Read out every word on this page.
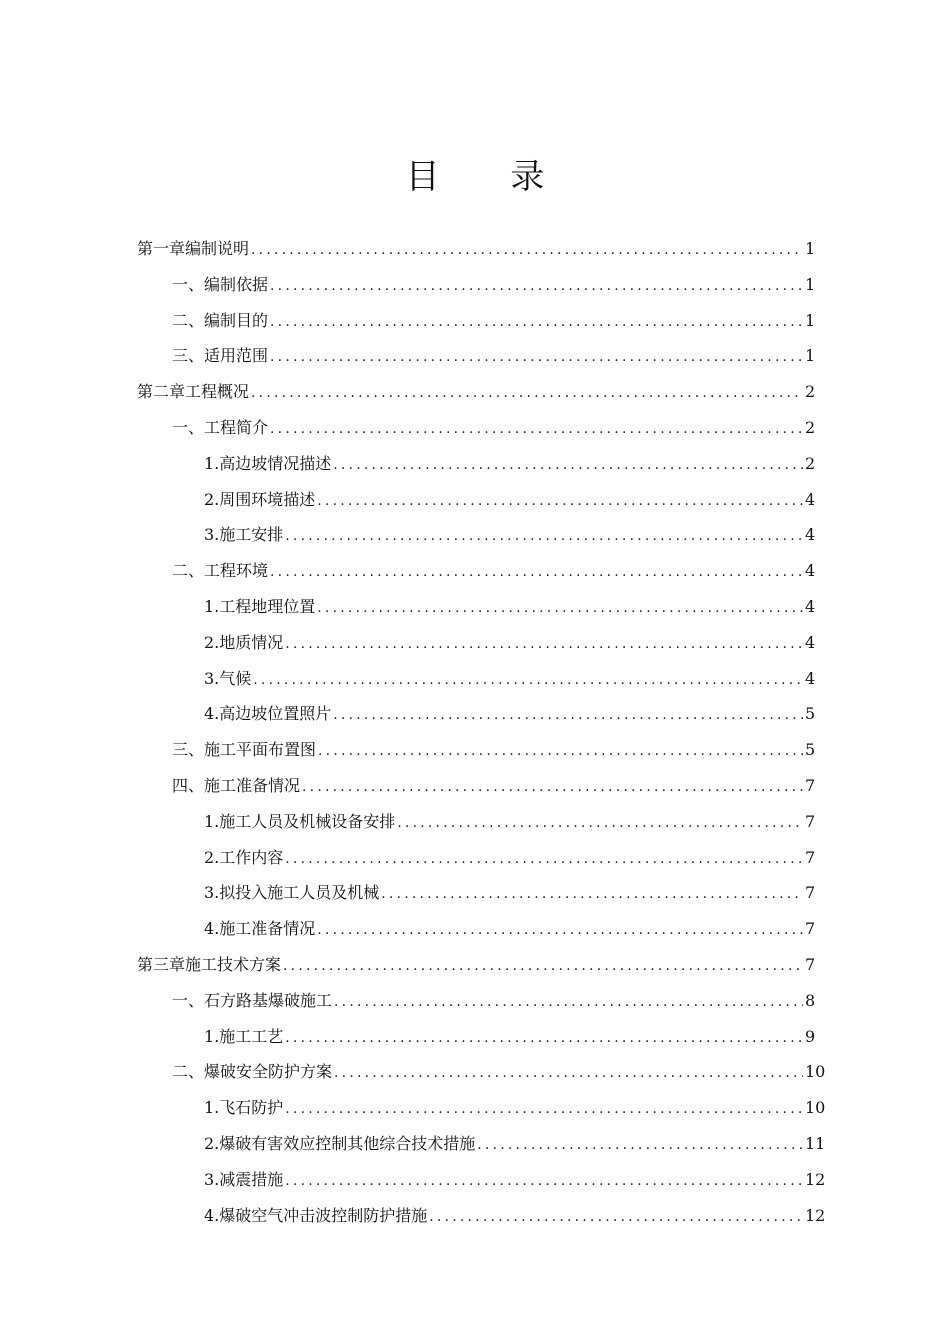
目 录
第一章 编制说明 .....	1
一、 编制依据 .....	1
二、 编制目的 .....	1
三、 适用范围 .....	1
第二章 工程概况 .....	2
一、 工程简介 .....	2
1. 高边坡情况描述 .....	2
2. 周围环境描述 .....	4
3. 施工安排 .....	4
二、 工程环境 .....	4
1. 工程地理位置 .....	4
2. 地质情况 .....	4
3. 气候 .....	4
4. 高边坡位置照片 .....	5
三、 施工平面布置图 .....	5
四、 施工准备情况 .....	7
1. 施工人员及机械设备安排 .....	7
2. 工作内容 .....	7
3. 拟投入施工人员及机械 .....	7
4. 施工准备情况 .....	7
第三章 施工技术方案 .....	7
一、 石方路基爆破施工 .....	8
1. 施工工艺 .....	9
二、 爆破安全防护方案 .....	10
1. 飞石防护 .....	10
2. 爆破有害效应控制其他综合技术措施 .....	11
3. 减震措施 .....	12
4. 爆破空气冲击波控制防护措施 .....	12
